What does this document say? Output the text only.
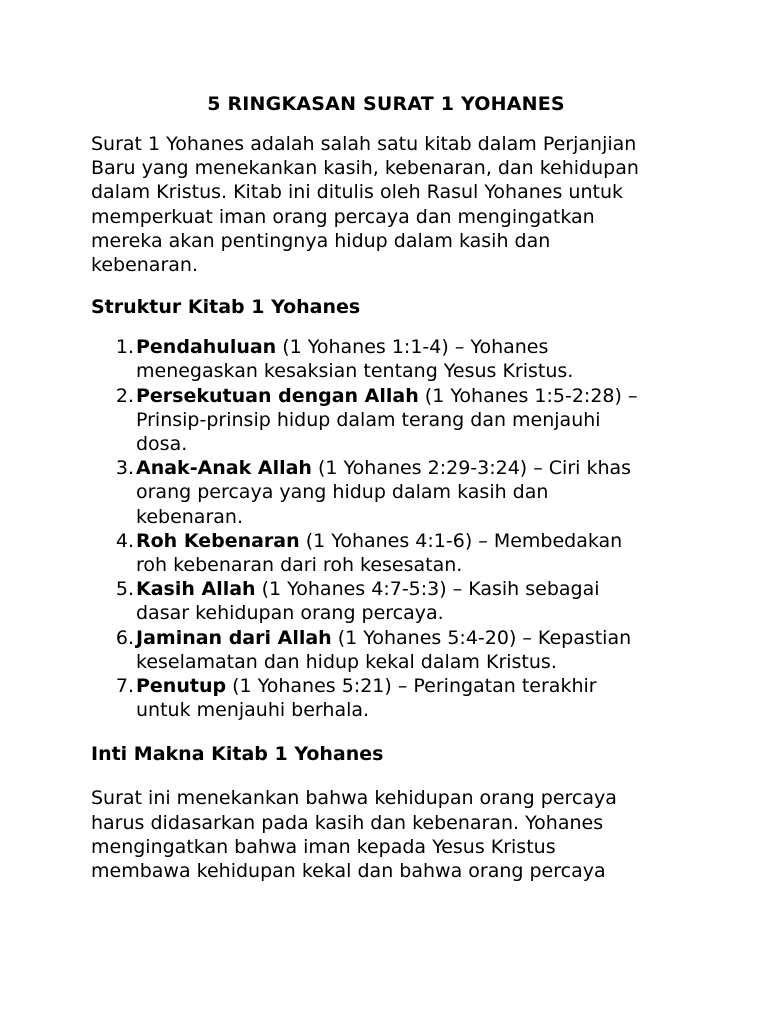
5 RINGKASAN SURAT 1 YOHANES
Surat 1 Yohanes adalah salah satu kitab dalam Perjanjian
Baru yang menekankan kasih, kebenaran, dan kehidupan
dalam Kristus. Kitab ini ditulis oleh Rasul Yohanes untuk
memperkuat iman orang percaya dan mengingatkan
mereka akan pentingnya hidup dalam kasih dan
kebenaran.
Struktur Kitab 1 Yohanes
1. Pendahuluan (1 Yohanes 1:1-4) – Yohanes
menegaskan kesaksian tentang Yesus Kristus.
2. Persekutuan dengan Allah (1 Yohanes 1:5-2:28) –
Prinsip-prinsip hidup dalam terang dan menjauhi
dosa.
3. Anak-Anak Allah (1 Yohanes 2:29-3:24) – Ciri khas
orang percaya yang hidup dalam kasih dan
kebenaran.
4. Roh Kebenaran (1 Yohanes 4:1-6) – Membedakan
roh kebenaran dari roh kesesatan.
5. Kasih Allah (1 Yohanes 4:7-5:3) – Kasih sebagai
dasar kehidupan orang percaya.
6. Jaminan dari Allah (1 Yohanes 5:4-20) – Kepastian
keselamatan dan hidup kekal dalam Kristus.
7. Penutup (1 Yohanes 5:21) – Peringatan terakhir
untuk menjauhi berhala.
Inti Makna Kitab 1 Yohanes
Surat ini menekankan bahwa kehidupan orang percaya
harus didasarkan pada kasih dan kebenaran. Yohanes
mengingatkan bahwa iman kepada Yesus Kristus
membawa kehidupan kekal dan bahwa orang percaya
